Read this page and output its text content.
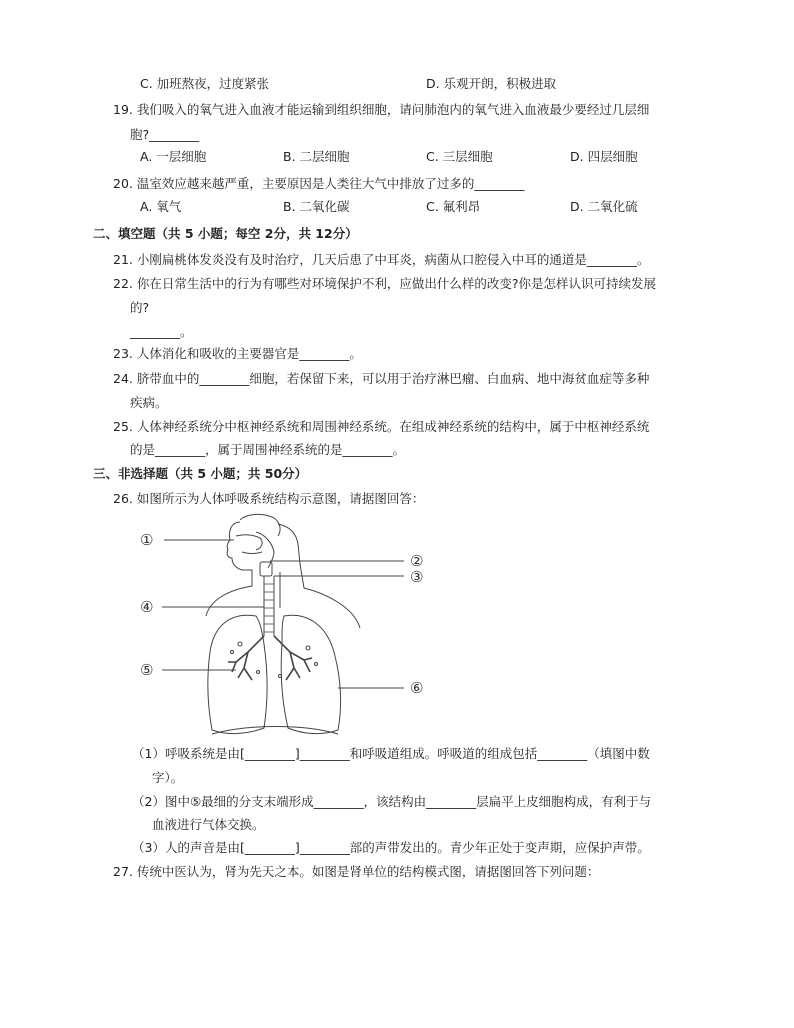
C. 加班熬夜，过度紧张	D. 乐观开朗，积极进取
19. 我们吸入的氧气进入血液才能运输到组织细胞，请问肺泡内的氧气进入血液最少要经过几层细
胞?________
A. 一层细胞	B. 二层细胞	C. 三层细胞	D. 四层细胞
20. 温室效应越来越严重，主要原因是人类往大气中排放了过多的________
A. 氧气	B. 二氧化碳	C. 氟利昂	D. 二氧化硫
二、填空题（共 5 小题；每空 2分，共 12分）
21. 小刚扁桃体发炎没有及时治疗，几天后患了中耳炎，病菌从口腔侵入中耳的通道是________。
22. 你在日常生活中的行为有哪些对环境保护不利，应做出什么样的改变?你是怎样认识可持续发展
的?
________。
23. 人体消化和吸收的主要器官是________。
24. 脐带血中的________细胞，若保留下来，可以用于治疗淋巴瘤、白血病、地中海贫血症等多种
疾病。
25. 人体神经系统分中枢神经系统和周围神经系统。在组成神经系统的结构中，属于中枢神经系统
的是________，属于周围神经系统的是________。
三、非选择题（共 5 小题；共 50分）
26. 如图所示为人体呼吸系统结构示意图，请据图回答：
①
②
③
④
⑤
⑥
（1）呼吸系统是由[________]________和呼吸道组成。呼吸道的组成包括________（填图中数
字）。
（2）图中⑤最细的分支末端形成________，该结构由________层扁平上皮细胞构成，有利于与
血液进行气体交换。
（3）人的声音是由[________]________部的声带发出的。青少年正处于变声期，应保护声带。
27. 传统中医认为，肾为先天之本。如图是肾单位的结构模式图，请据图回答下列问题：
